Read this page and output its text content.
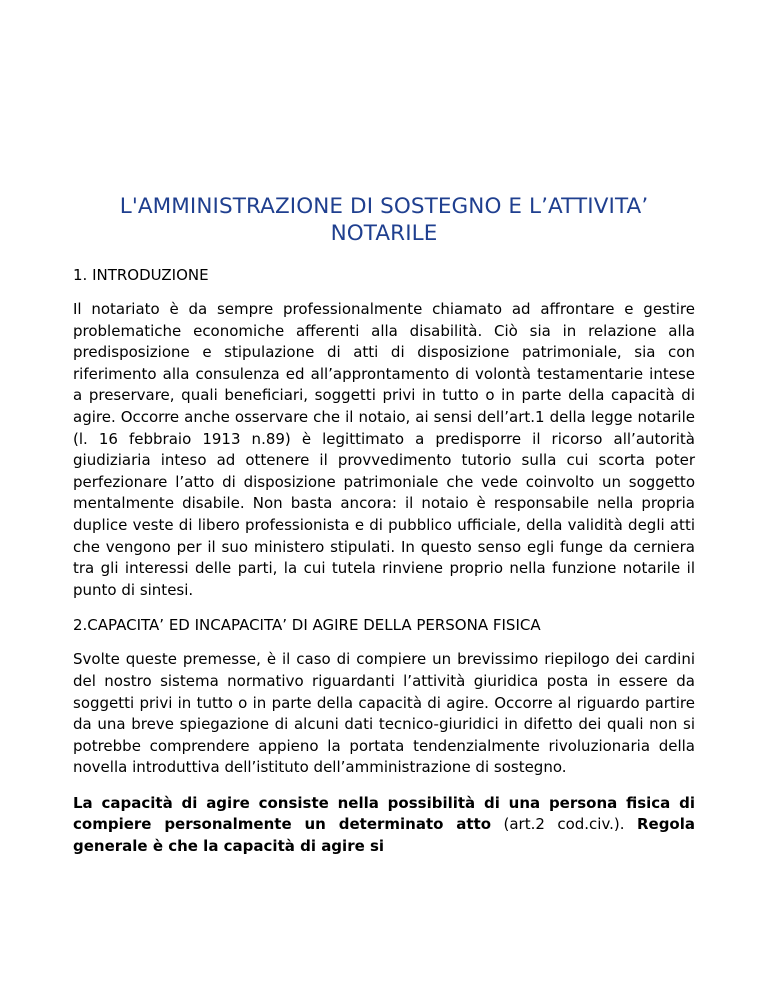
L'AMMINISTRAZIONE DI SOSTEGNO E L’ATTIVITA’ NOTARILE
1. INTRODUZIONE

Il notariato è da sempre professionalmente chiamato ad affrontare e gestire problematiche economiche afferenti alla disabilità. Ciò sia in relazione alla predisposizione e stipulazione di atti di disposizione patrimoniale, sia con riferimento alla consulenza ed all’approntamento di volontà testamentarie intese a preservare, quali beneficiari, soggetti privi in tutto o in parte della capacità di agire. Occorre anche osservare che il notaio, ai sensi dell’art.1 della legge notarile (l. 16 febbraio 1913 n.89) è legittimato a predisporre il ricorso all’autorità giudiziaria inteso ad ottenere il provvedimento tutorio sulla cui scorta poter perfezionare l’atto di disposizione patrimoniale che vede coinvolto un soggetto mentalmente disabile. Non basta ancora: il notaio è responsabile nella propria duplice veste di libero professionista e di pubblico ufficiale, della validità degli atti che vengono per il suo ministero stipulati. In questo senso egli funge da cerniera tra gli interessi delle parti, la cui tutela rinviene proprio nella funzione notarile il punto di sintesi.

2.CAPACITA’ ED INCAPACITA’ DI AGIRE DELLA PERSONA FISICA

Svolte queste premesse, è il caso di compiere un brevissimo riepilogo dei cardini del nostro sistema normativo riguardanti l’attività giuridica posta in essere da soggetti privi in tutto o in parte della capacità di agire. Occorre al riguardo partire da una breve spiegazione di alcuni dati tecnico-giuridici in difetto dei quali non si potrebbe comprendere appieno la portata tendenzialmente rivoluzionaria della novella introduttiva dell’istituto dell’amministrazione di sostegno.

La capacità di agire consiste nella possibilità di una persona fisica di compiere personalmente un determinato atto (art.2 cod.civ.). Regola generale è che la capacità di agire si
